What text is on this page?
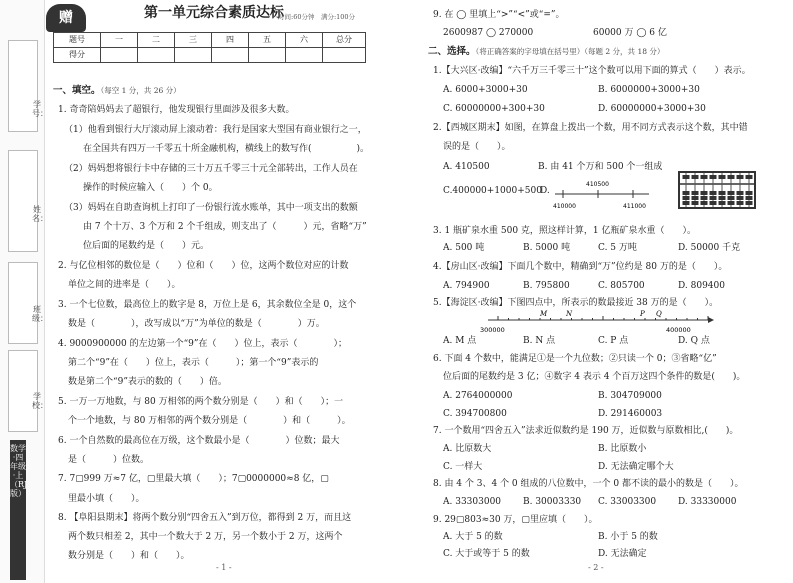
学号：
姓名：
班级：
学校：
数学·四年级·上（RJ版）
赠	第一单元综合素质达标
时间:60分钟　满分:100分
题号	一	二	三	四	五	六	总分
得分							
一、填空。（每空 1 分，共 26 分）
1. 奇奇陪妈妈去了超银行，他发现银行里面涉及很多大数。
（1）他看到银行大厅滚动屏上滚动着：我行是国家大型国有商业银行之一，
在全国共有四万一千零五十所金融机构，横线上的数写作(　　　　　)。
（2）妈妈想将银行卡中存储的三十万五千零三十元全部转出，工作人员在
操作的时候应输入（　　）个 0。
（3）妈妈在自助查询机上打印了一份银行流水账单，其中一项支出的数额
由 7 个十万、3 个万和 2 个千组成，则支出了（　　　）元，省略“万”
位后面的尾数约是（　　）元。
2. 与亿位相邻的数位是（　　）位和（　　）位，这两个数位对应的计数
单位之间的进率是（　　）。
3. 一个七位数，最高位上的数字是 8，万位上是 6，其余数位全是 0，这个
数是（　　　　），改写成以“万”为单位的数是（　　　　）万。
4. 9000900000 的左边第一个“9”在（　　）位上，表示（　　　　）；
第二个“9”在（　　）位上，表示（　　　）；第一个“9”表示的
数是第二个“9”表示的数的（　　）倍。
5. 一万一万地数，与 80 万相邻的两个数分别是（　　）和（　　）；一
个一个地数，与 80 万相邻的两个数分别是（　　　　）和（　　　）。
6. 一个自然数的最高位在万级，这个数最小是（　　　　）位数；最大
是（　　　）位数。
7. 7▢999 万≈7 亿，▢里最大填（　　）；7▢0000000≈8 亿，▢
里最小填（　　）。
8. 【阜阳县期末】将两个数分别“四舍五入”到万位，都得到 2 万，而且这
两个数只相差 2，其中一个数大于 2 万，另一个数小于 2 万，这两个
数分别是（　　）和（　　）。
- 1 -
9. 在 ◯ 里填上“>”“<”或“=”。
2600987 ◯ 270000	60000 万 ◯ 6 亿
二、选择。（将正确答案的字母填在括号里）（每题 2 分，共 18 分）
1.【大兴区·改编】“六千万三千零三十”这个数可以用下面的算式（　　）表示。
A. 6000+3000+30	B. 6000000+3000+30
C. 60000000+300+30	D. 60000000+3000+30
2.【西城区期末】如图，在算盘上拨出一个数，用不同方式表示这个数，其中错
误的是（　　）。
A. 410500	B. 由 41 个万和 500 个一组成
C.400000+1000+500
D.
410500
410000	411000
3. 1 瓶矿泉水重 500 克，照这样计算，1 亿瓶矿泉水重（　　）。
A. 500 吨	B. 5000 吨	C. 5 万吨	D. 50000 千克
4.【房山区·改编】下面几个数中，精确到“万”位约是 80 万的是（　　）。
A. 794900	B. 795800	C. 805700	D. 809400
5.【海淀区·改编】下图四点中，所表示的数最接近 38 万的是（　　）。
300000	400000
M	N	P Q
A. M 点	B. N 点	C. P 点	D. Q 点
6. 下面 4 个数中，能满足①是一个九位数；②只读一个 0；③省略“亿”
位后面的尾数约是 3 亿；④数字 4 表示 4 个百万这四个条件的数是(　　)。
A. 2764000000	B. 304709000
C. 394700800	D. 291460003
7. 一个数用“四舍五入”法求近似数约是 190 万，近似数与原数相比,(　　)。
A. 比原数大	B. 比原数小
C. 一样大	D. 无法确定哪个大
8. 由 4 个 3、4 个 0 组成的八位数中，一个 0 都不读的最小的数是（　　）。
A. 33303000 B. 30003330 C. 33003300 D. 33330000
9. 29▢803≈30 万，▢里应填（　　）。
A. 大于 5 的数	B. 小于 5 的数
C. 大于或等于 5 的数	D. 无法确定
- 2 -
